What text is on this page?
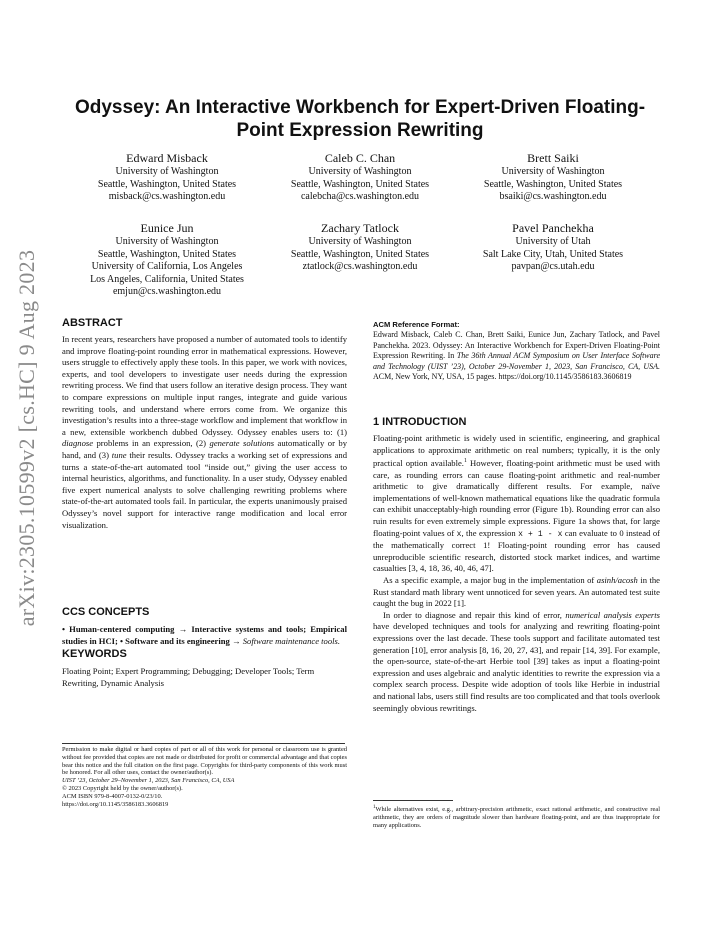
arXiv:2305.10599v2 [cs.HC] 9 Aug 2023
Odyssey: An Interactive Workbench for Expert-Driven Floating-Point Expression Rewriting
Edward Misback
University of Washington
Seattle, Washington, United States
misback@cs.washington.edu
Caleb C. Chan
University of Washington
Seattle, Washington, United States
calebcha@cs.washington.edu
Brett Saiki
University of Washington
Seattle, Washington, United States
bsaiki@cs.washington.edu
Eunice Jun
University of Washington
Seattle, Washington, United States
University of California, Los Angeles
Los Angeles, California, United States
emjun@cs.washington.edu
Zachary Tatlock
University of Washington
Seattle, Washington, United States
ztatlock@cs.washington.edu
Pavel Panchekha
University of Utah
Salt Lake City, Utah, United States
pavpan@cs.utah.edu
ABSTRACT

In recent years, researchers have proposed a number of automated tools to identify and improve floating-point rounding error in mathematical expressions. However, users struggle to effectively apply these tools. In this paper, we work with novices, experts, and tool developers to investigate user needs during the expression rewriting process. We find that users follow an iterative design process. They want to compare expressions on multiple input ranges, integrate and guide various rewriting tools, and understand where errors come from. We organize this investigation’s results into a three-stage workflow and implement that workflow in a new, extensible workbench dubbed Odyssey. Odyssey enables users to: (1) diagnose problems in an expression, (2) generate solutions automatically or by hand, and (3) tune their results. Odyssey tracks a working set of expressions and turns a state-of-the-art automated tool “inside out,” giving the user access to internal heuristics, algorithms, and functionality. In a user study, Odyssey enabled five expert numerical analysts to solve challenging rewriting problems where state-of-the-art automated tools fail. In particular, the experts unanimously praised Odyssey’s novel support for interactive range modification and local error visualization.

CCS CONCEPTS

• Human-centered computing → Interactive systems and tools; Empirical studies in HCI; • Software and its engineering → Software maintenance tools.

KEYWORDS
Floating Point; Expert Programming; Debugging; Developer Tools; Term Rewriting, Dynamic Analysis

Permission to make digital or hard copies of part or all of this work for personal or classroom use is granted without fee provided that copies are not made or distributed for profit or commercial advantage and that copies bear this notice and the full citation on the first page. Copyrights for third-party components of this work must be honored. For all other uses, contact the owner/author(s).

UIST ’23, October 29–November 1, 2023, San Francisco, CA, USA

© 2023 Copyright held by the owner/author(s).

ACM ISBN 979-8-4007-0132-0/23/10.

https://doi.org/10.1145/3586183.3606819

ACM Reference Format:

Edward Misback, Caleb C. Chan, Brett Saiki, Eunice Jun, Zachary Tatlock, and Pavel Panchekha. 2023. Odyssey: An Interactive Workbench for Expert-Driven Floating-Point Expression Rewriting. In The 36th Annual ACM Symposium on User Interface Software and Technology (UIST ’23), October 29-November 1, 2023, San Francisco, CA, USA. ACM, New York, NY, USA, 15 pages. https://doi.org/10.1145/3586183.3606819

1 INTRODUCTION

Floating-point arithmetic is widely used in scientific, engineering, and graphical applications to approximate arithmetic on real numbers; typically, it is the only practical option available.$^1$ However, floating-point arithmetic must be used with care, as rounding errors can cause floating-point arithmetic and real-number arithmetic to give dramatically different results. For example, naïve implementations of well-known mathematical equations like the quadratic formula can exhibit unacceptably-high rounding error (Figure 1b). Rounding error can also ruin results for even extremely simple expressions. Figure 1a shows that, for large floating-point values of x, the expression x + 1 - x can evaluate to 0 instead of the mathematically correct 1! Floating-point rounding error has caused unreproducible scientific research, distorted stock market indices, and wartime casualties [3, 4, 18, 36, 40, 46, 47].

As a specific example, a major bug in the implementation of asinh/acosh in the Rust standard math library went unnoticed for seven years. An automated test suite caught the bug in 2022 [1].

In order to diagnose and repair this kind of error, numerical analysis experts have developed techniques and tools for analyzing and rewriting floating-point expressions over the last decade. These tools support and facilitate automated test generation [10], error analysis [8, 16, 20, 27, 43], and repair [14, 39]. For example, the open-source, state-of-the-art Herbie tool [39] takes as input a floating-point expression and uses algebraic and analytic identities to rewrite the expression via a complex search process. Despite wide adoption of tools like Herbie in industrial and national labs, users still find results are too complicated and that tools overlook seemingly obvious rewritings.

$^1$While alternatives exist, e.g., arbitrary-precision arithmetic, exact rational arithmetic, and constructive real arithmetic, they are orders of magnitude slower than hardware floating-point, and are thus inappropriate for many applications.
